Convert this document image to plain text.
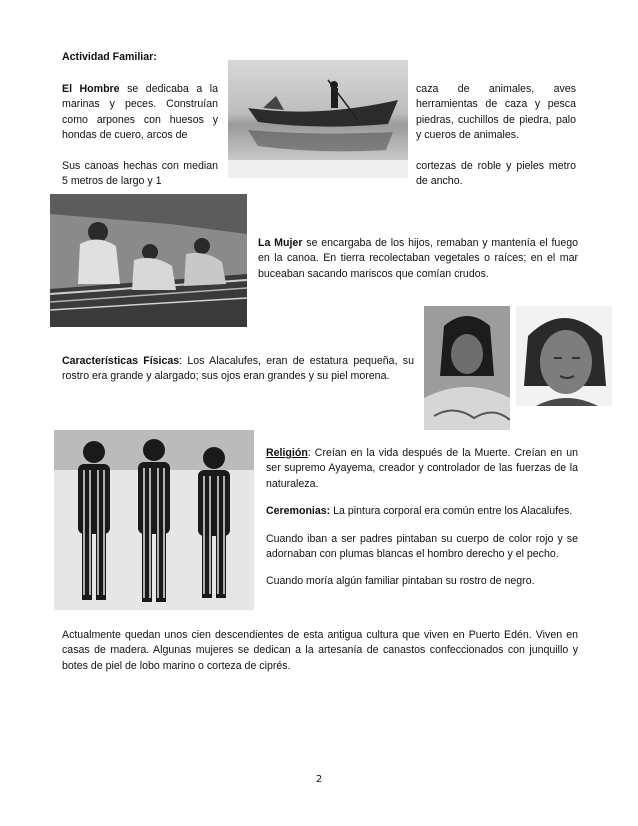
Actividad Familiar:

El Hombre se dedicaba a la marinas y peces. Construían como arpones con huesos y hondas de cuero, arcos de

Sus canoas hechas con median 5 metros de largo y 1

caza de animales, aves herramientas de caza y pesca piedras, cuchillos de piedra, palo y cueros de animales.

cortezas de roble y pieles metro de ancho.

La Mujer se encargaba de los hijos, remaban y mantenía el fuego en la canoa. En tierra recolectaban vegetales o raíces; en el mar buceaban sacando mariscos que comían crudos.
Características Físicas: Los Alacalufes, eran de estatura pequeña, su rostro era grande y alargado; sus ojos eran grandes y su piel morena.

Religión: Creían en la vida después de la Muerte. Creían en un ser supremo Ayayema, creador y controlador de las fuerzas de la naturaleza.

Ceremonias: La pintura corporal era común entre los Alacalufes.

Cuando iban a ser padres pintaban su cuerpo de color rojo y se adornaban con plumas blancas el hombro derecho y el pecho.

Cuando moría algún familiar pintaban su rostro de negro.

Actualmente quedan unos cien descendientes de esta antigua cultura que viven en Puerto Edén. Viven en casas de madera. Algunas mujeres se dedican a la artesanía de canastos confeccionados con junquillo y botes de piel de lobo marino o corteza de ciprés.
2
